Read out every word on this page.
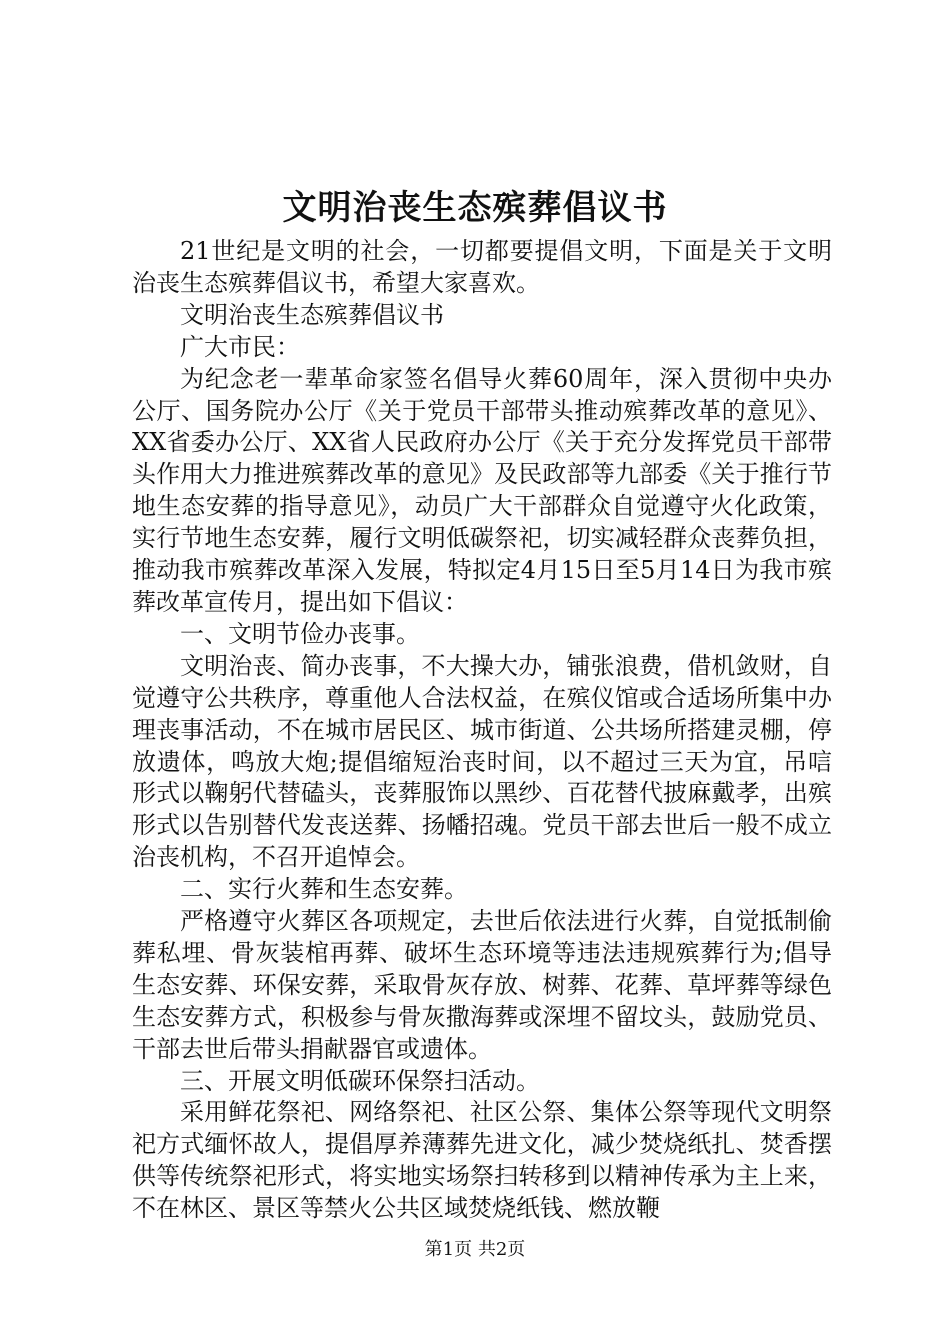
文明治丧生态殡葬倡议书

21世纪是文明的社会，一切都要提倡文明，下面是关于文明治丧生态殡葬倡议书，希望大家喜欢。

文明治丧生态殡葬倡议书

广大市民：

为纪念老一辈革命家签名倡导火葬60周年，深入贯彻中央办公厅、国务院办公厅《关于党员干部带头推动殡葬改革的意见》、XX省委办公厅、XX省人民政府办公厅《关于充分发挥党员干部带头作用大力推进殡葬改革的意见》及民政部等九部委《关于推行节地生态安葬的指导意见》，动员广大干部群众自觉遵守火化政策，实行节地生态安葬，履行文明低碳祭祀，切实减轻群众丧葬负担，推动我市殡葬改革深入发展，特拟定4月15日至5月14日为我市殡葬改革宣传月，提出如下倡议：

一、文明节俭办丧事。

文明治丧、简办丧事，不大操大办，铺张浪费，借机敛财，自觉遵守公共秩序，尊重他人合法权益，在殡仪馆或合适场所集中办理丧事活动，不在城市居民区、城市街道、公共场所搭建灵棚，停放遗体，鸣放大炮;提倡缩短治丧时间，以不超过三天为宜，吊唁形式以鞠躬代替磕头，丧葬服饰以黑纱、百花替代披麻戴孝，出殡形式以告别替代发丧送葬、扬幡招魂。党员干部去世后一般不成立治丧机构，不召开追悼会。

二、实行火葬和生态安葬。

严格遵守火葬区各项规定，去世后依法进行火葬，自觉抵制偷葬私埋、骨灰装棺再葬、破坏生态环境等违法违规殡葬行为;倡导生态安葬、环保安葬，采取骨灰存放、树葬、花葬、草坪葬等绿色生态安葬方式，积极参与骨灰撒海葬或深埋不留坟头，鼓励党员、干部去世后带头捐献器官或遗体。

三、开展文明低碳环保祭扫活动。

采用鲜花祭祀、网络祭祀、社区公祭、集体公祭等现代文明祭祀方式缅怀故人，提倡厚养薄葬先进文化，减少焚烧纸扎、焚香摆供等传统祭祀形式，将实地实场祭扫转移到以精神传承为主上来，不在林区、景区等禁火公共区域焚烧纸钱、燃放鞭

第1页 共2页
